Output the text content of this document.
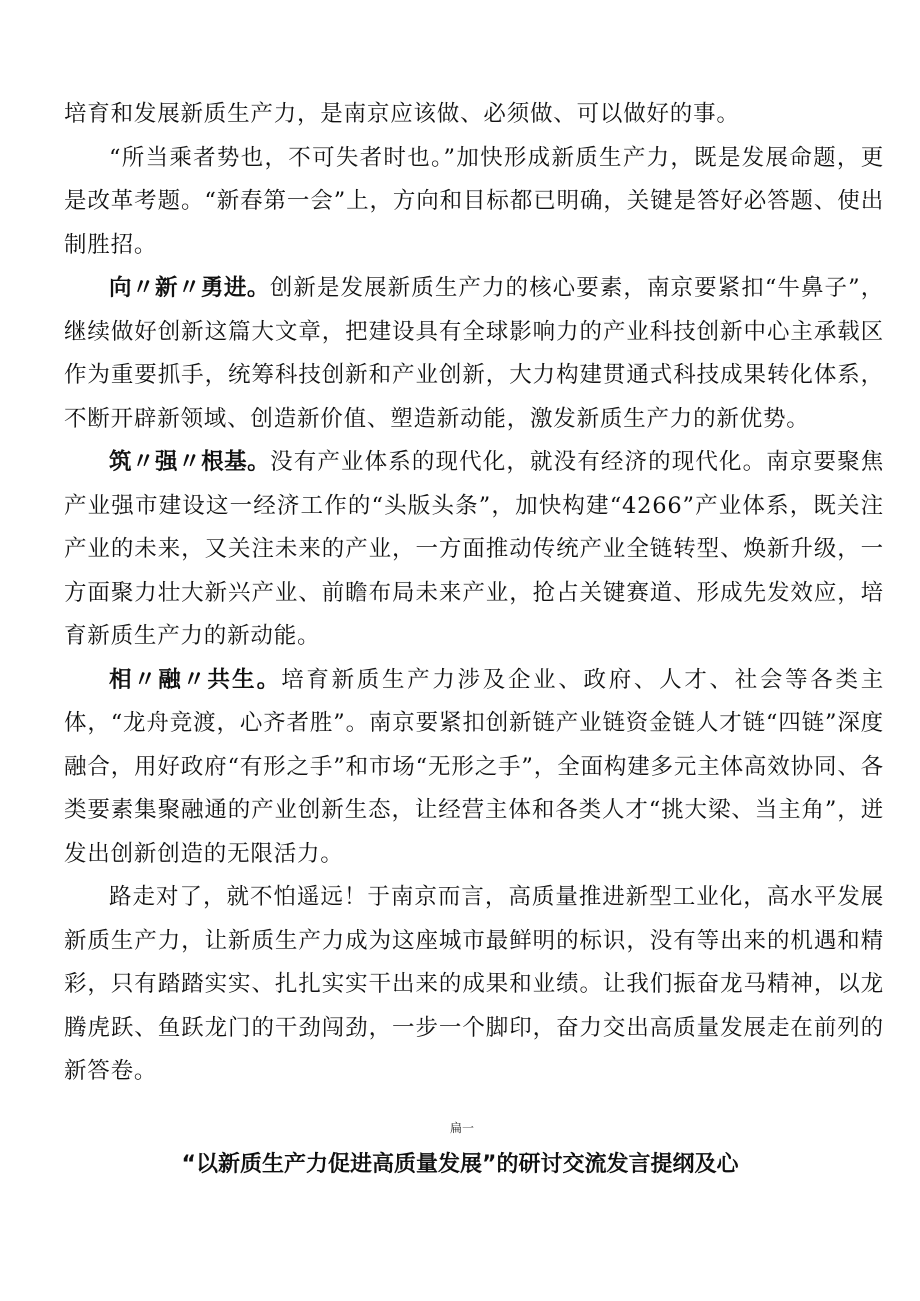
培育和发展新质生产力，是南京应该做、必须做、可以做好的事。

“所当乘者势也，不可失者时也。”加快形成新质生产力，既是发展命题，更是改革考题。“新春第一会”上，方向和目标都已明确，关键是答好必答题、使出制胜招。

向〃新〃勇进。创新是发展新质生产力的核心要素，南京要紧扣“牛鼻子”，继续做好创新这篇大文章，把建设具有全球影响力的产业科技创新中心主承载区作为重要抓手，统筹科技创新和产业创新，大力构建贯通式科技成果转化体系，不断开辟新领域、创造新价值、塑造新动能，激发新质生产力的新优势。

筑〃强〃根基。没有产业体系的现代化，就没有经济的现代化。南京要聚焦产业强市建设这一经济工作的“头版头条”，加快构建“4266”产业体系，既关注产业的未来，又关注未来的产业，一方面推动传统产业全链转型、焕新升级，一方面聚力壮大新兴产业、前瞻布局未来产业，抢占关键赛道、形成先发效应，培育新质生产力的新动能。

相〃融〃共生。培育新质生产力涉及企业、政府、人才、社会等各类主体，“龙舟竞渡，心齐者胜”。南京要紧扣创新链产业链资金链人才链“四链”深度融合，用好政府“有形之手”和市场“无形之手”，全面构建多元主体高效协同、各类要素集聚融通的产业创新生态，让经营主体和各类人才“挑大梁、当主角”，迸发出创新创造的无限活力。

路走对了，就不怕遥远！于南京而言，高质量推进新型工业化，高水平发展新质生产力，让新质生产力成为这座城市最鲜明的标识，没有等出来的机遇和精彩，只有踏踏实实、扎扎实实干出来的成果和业绩。让我们振奋龙马精神，以龙腾虎跃、鱼跃龙门的干劲闯劲，一步一个脚印，奋力交出高质量发展走在前列的新答卷。

扁一
“以新质生产力促进高质量发展”的研讨交流发言提纲及心
